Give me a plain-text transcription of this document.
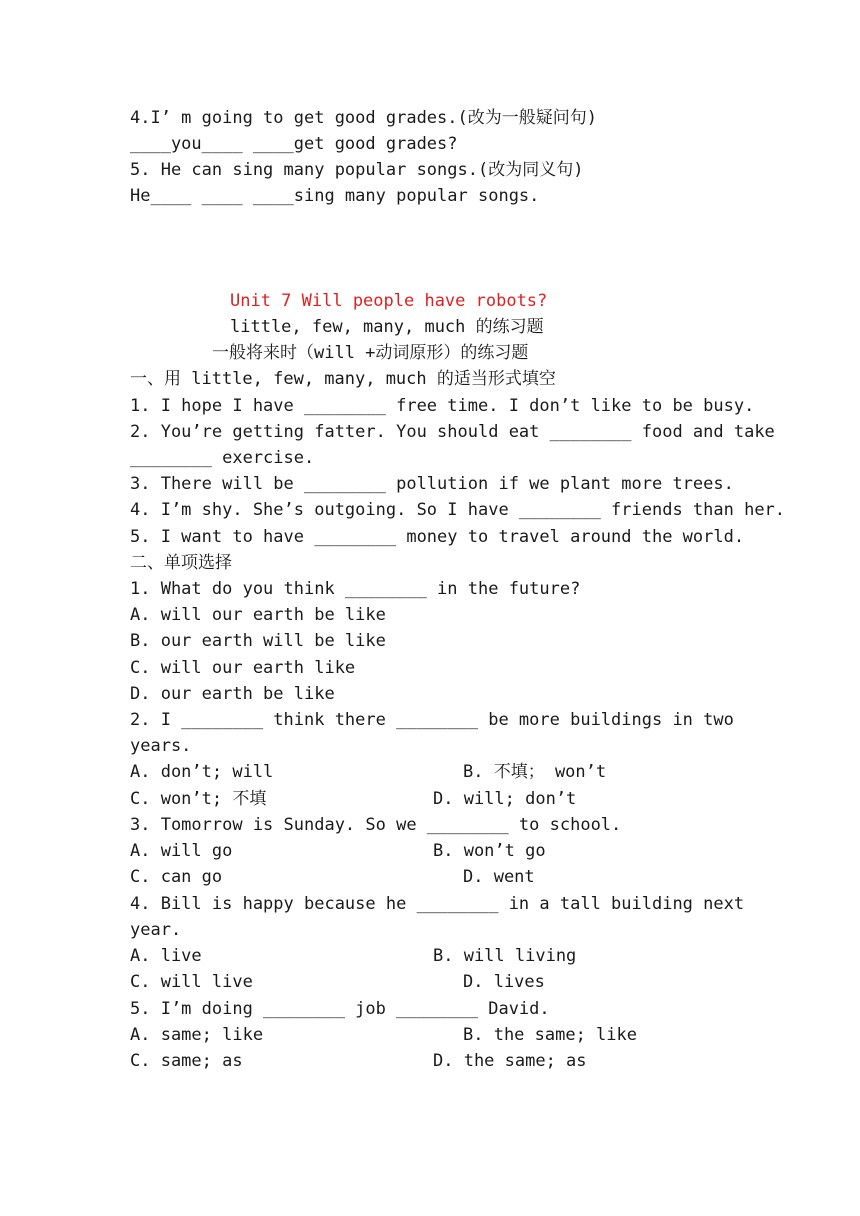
4.I’ m going to get good grades.(改为一般疑问句)
____you____ ____get good grades?
5. He can sing many popular songs.(改为同义句)
He____ ____ ____sing many popular songs.
Unit 7 Will people have robots?
little, few, many, much 的练习题
一般将来时（will +动词原形）的练习题
一、用 little, few, many, much 的适当形式填空
1. I hope I have ________ free time. I don’t like to be busy.
2. You’re getting fatter. You should eat ________ food and take
________ exercise.
3. There will be ________ pollution if we plant more trees.
4. I’m shy. She’s outgoing. So I have ________ friends than her.
5. I want to have ________ money to travel around the world.
二、单项选择
1. What do you think ________ in the future?
A. will our earth be like
B. our earth will be like
C. will our earth like
D. our earth be like
2. I ________ think there ________ be more buildings in two
years.
A. don’t; will	B. 不填； won’t
C. won’t; 不填	D. will; don’t
3. Tomorrow is Sunday. So we ________ to school.
A. will go	B. won’t go
C. can go	D. went
4. Bill is happy because he ________ in a tall building next
year.
A. live	B. will living
C. will live	D. lives
5. I’m doing ________ job ________ David.
A. same; like	B. the same; like
C. same; as	D. the same; as
